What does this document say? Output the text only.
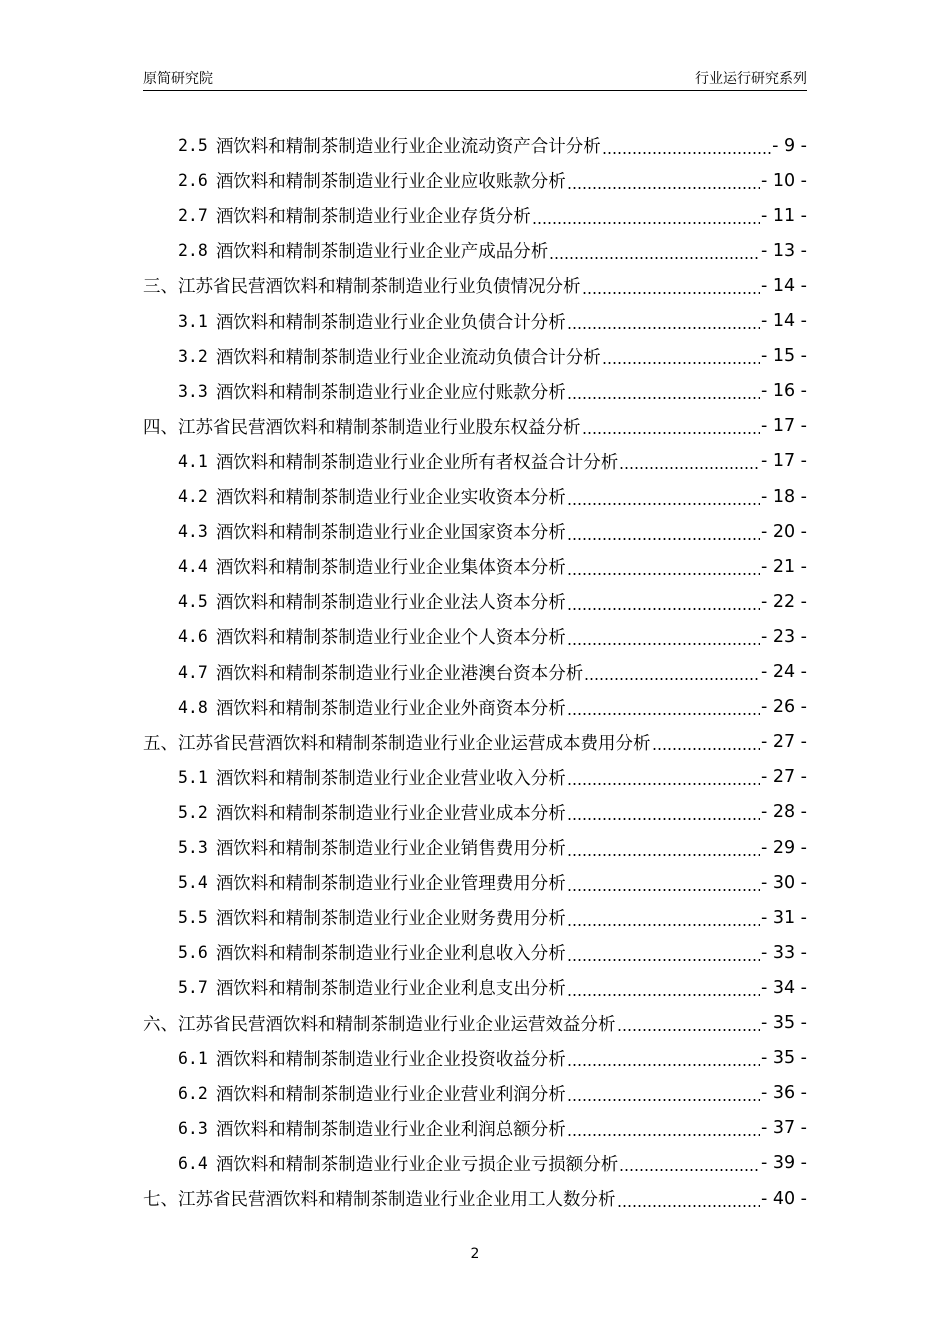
原简研究院	行业运行研究系列
2.5 酒饮料和精制茶制造业行业企业流动资产合计分析	- 9 -
2.6 酒饮料和精制茶制造业行业企业应收账款分析	- 10 -
2.7 酒饮料和精制茶制造业行业企业存货分析	- 11 -
2.8 酒饮料和精制茶制造业行业企业产成品分析	- 13 -
三、 江苏省民营酒饮料和精制茶制造业行业负债情况分析	- 14 -
3.1 酒饮料和精制茶制造业行业企业负债合计分析	- 14 -
3.2 酒饮料和精制茶制造业行业企业流动负债合计分析	- 15 -
3.3 酒饮料和精制茶制造业行业企业应付账款分析	- 16 -
四、 江苏省民营酒饮料和精制茶制造业行业股东权益分析	- 17 -
4.1 酒饮料和精制茶制造业行业企业所有者权益合计分析	- 17 -
4.2 酒饮料和精制茶制造业行业企业实收资本分析	- 18 -
4.3 酒饮料和精制茶制造业行业企业国家资本分析	- 20 -
4.4 酒饮料和精制茶制造业行业企业集体资本分析	- 21 -
4.5 酒饮料和精制茶制造业行业企业法人资本分析	- 22 -
4.6 酒饮料和精制茶制造业行业企业个人资本分析	- 23 -
4.7 酒饮料和精制茶制造业行业企业港澳台资本分析	- 24 -
4.8 酒饮料和精制茶制造业行业企业外商资本分析	- 26 -
五、 江苏省民营酒饮料和精制茶制造业行业企业运营成本费用分析	- 27 -
5.1 酒饮料和精制茶制造业行业企业营业收入分析	- 27 -
5.2 酒饮料和精制茶制造业行业企业营业成本分析	- 28 -
5.3 酒饮料和精制茶制造业行业企业销售费用分析	- 29 -
5.4 酒饮料和精制茶制造业行业企业管理费用分析	- 30 -
5.5 酒饮料和精制茶制造业行业企业财务费用分析	- 31 -
5.6 酒饮料和精制茶制造业行业企业利息收入分析	- 33 -
5.7 酒饮料和精制茶制造业行业企业利息支出分析	- 34 -
六、 江苏省民营酒饮料和精制茶制造业行业企业运营效益分析	- 35 -
6.1 酒饮料和精制茶制造业行业企业投资收益分析	- 35 -
6.2 酒饮料和精制茶制造业行业企业营业利润分析	- 36 -
6.3 酒饮料和精制茶制造业行业企业利润总额分析	- 37 -
6.4 酒饮料和精制茶制造业行业企业亏损企业亏损额分析	- 39 -
七、 江苏省民营酒饮料和精制茶制造业行业企业用工人数分析	- 40 -
2
